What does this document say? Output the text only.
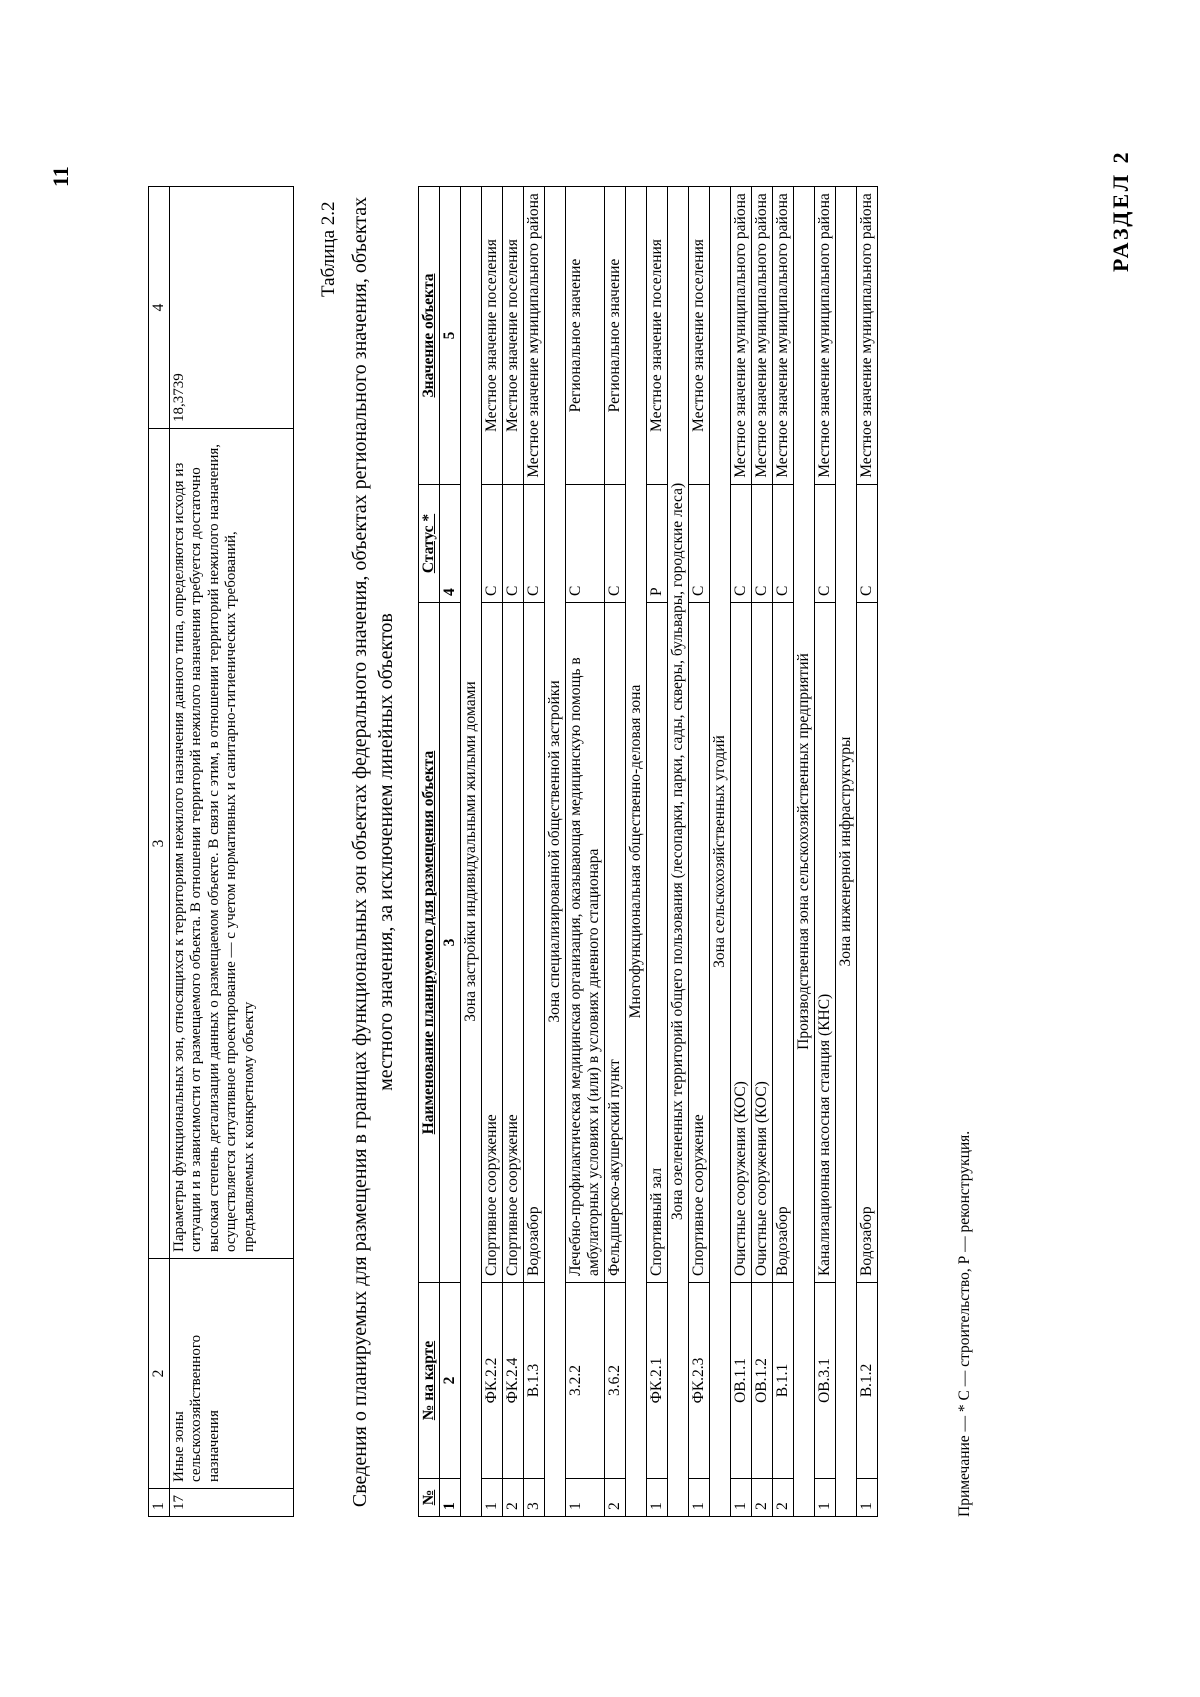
11
1	2	3	4
17	Иные зоны сельскохозяйственного назначения	Параметры функциональных зон, относящихся к территориям нежилого назначения данного типа, определяются исходя из ситуации и в зависимости от размещаемого объекта. В отношении территорий нежилого назначения требуется достаточно высокая степень детализации данных о размещаемом объекте. В связи с этим, в отношении территорий нежилого назначения, осуществляется ситуативное проектирование — с учетом нормативных и санитарно-гигиенических требований, предъявляемых к конкретному объекту	18,3739
Таблица 2.2 Сведения о планируемых для размещения в границах функциональных зон объектах федерального значения, объектах регионального значения, объектах местного значения, за исключением линейных объектов
№	№ на карте	Наименование планируемого для размещения объекта	Статус *	Значение объекта
1	2	3	4	5
Зона застройки индивидуальными жилыми домами				
1	ФК.2.2	Спортивное сооружение	С	Местное значение поселения
2	ФК.2.4	Спортивное сооружение	С	Местное значение поселения
3	В.1.3	Водозабор	С	Местное значение муниципального района
Зона специализированной общественной застройки				
1	3.2.2	Лечебно-профилактическая медицинская организация, оказывающая медицинскую помощь в амбулаторных условиях и (или) в условиях дневного стационара	С	Региональное значение
2	3.6.2	Фельдшерско-акушерский пункт	С	Региональное значение
Многофункциональная общественно-деловая зона				
1	ФК.2.1	Спортивный зал	Р	Местное значение поселения
Зона озелененных территорий общего пользования (лесопарки, парки, сады, скверы, бульвары, городские леса)				
1	ФК.2.3	Спортивное сооружение	С	Местное значение поселения
Зона сельскохозяйственных угодий				
1	ОВ.1.1	Очистные сооружения (КОС)	С	Местное значение муниципального района
2	ОВ.1.2	Очистные сооружения (КОС)	С	Местное значение муниципального района
2	В.1.1	Водозабор	С	Местное значение муниципального района
Производственная зона сельскохозяйственных предприятий				
1	ОВ.3.1	Канализационная насосная станция (КНС)	С	Местное значение муниципального района
Зона инженерной инфраструктуры				
1	В.1.2	Водозабор	С	Местное значение муниципального района
Примечание — * С — строительство, Р — реконструкция.
РАЗДЕЛ 2
